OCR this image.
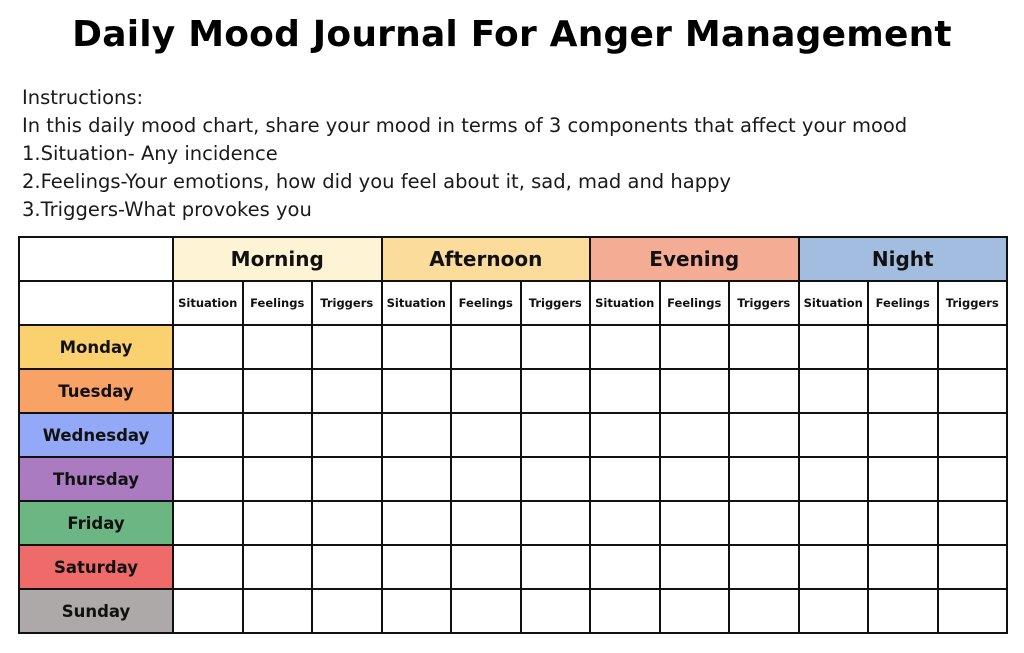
Daily Mood Journal For Anger Management
Instructions:
In this daily mood chart, share your mood in terms of 3 components that affect your mood
1.Situation- Any incidence
2.Feelings-Your emotions, how did you feel about it, sad, mad and happy
3.Triggers-What provokes you
	Morning			Afternoon			Evening			Night		
	Situation	Feelings	Triggers	Situation	Feelings	Triggers	Situation	Feelings	Triggers	Situation	Feelings	Triggers
Monday												
Tuesday												
Wednesday												
Thursday												
Friday												
Saturday												
Sunday												
